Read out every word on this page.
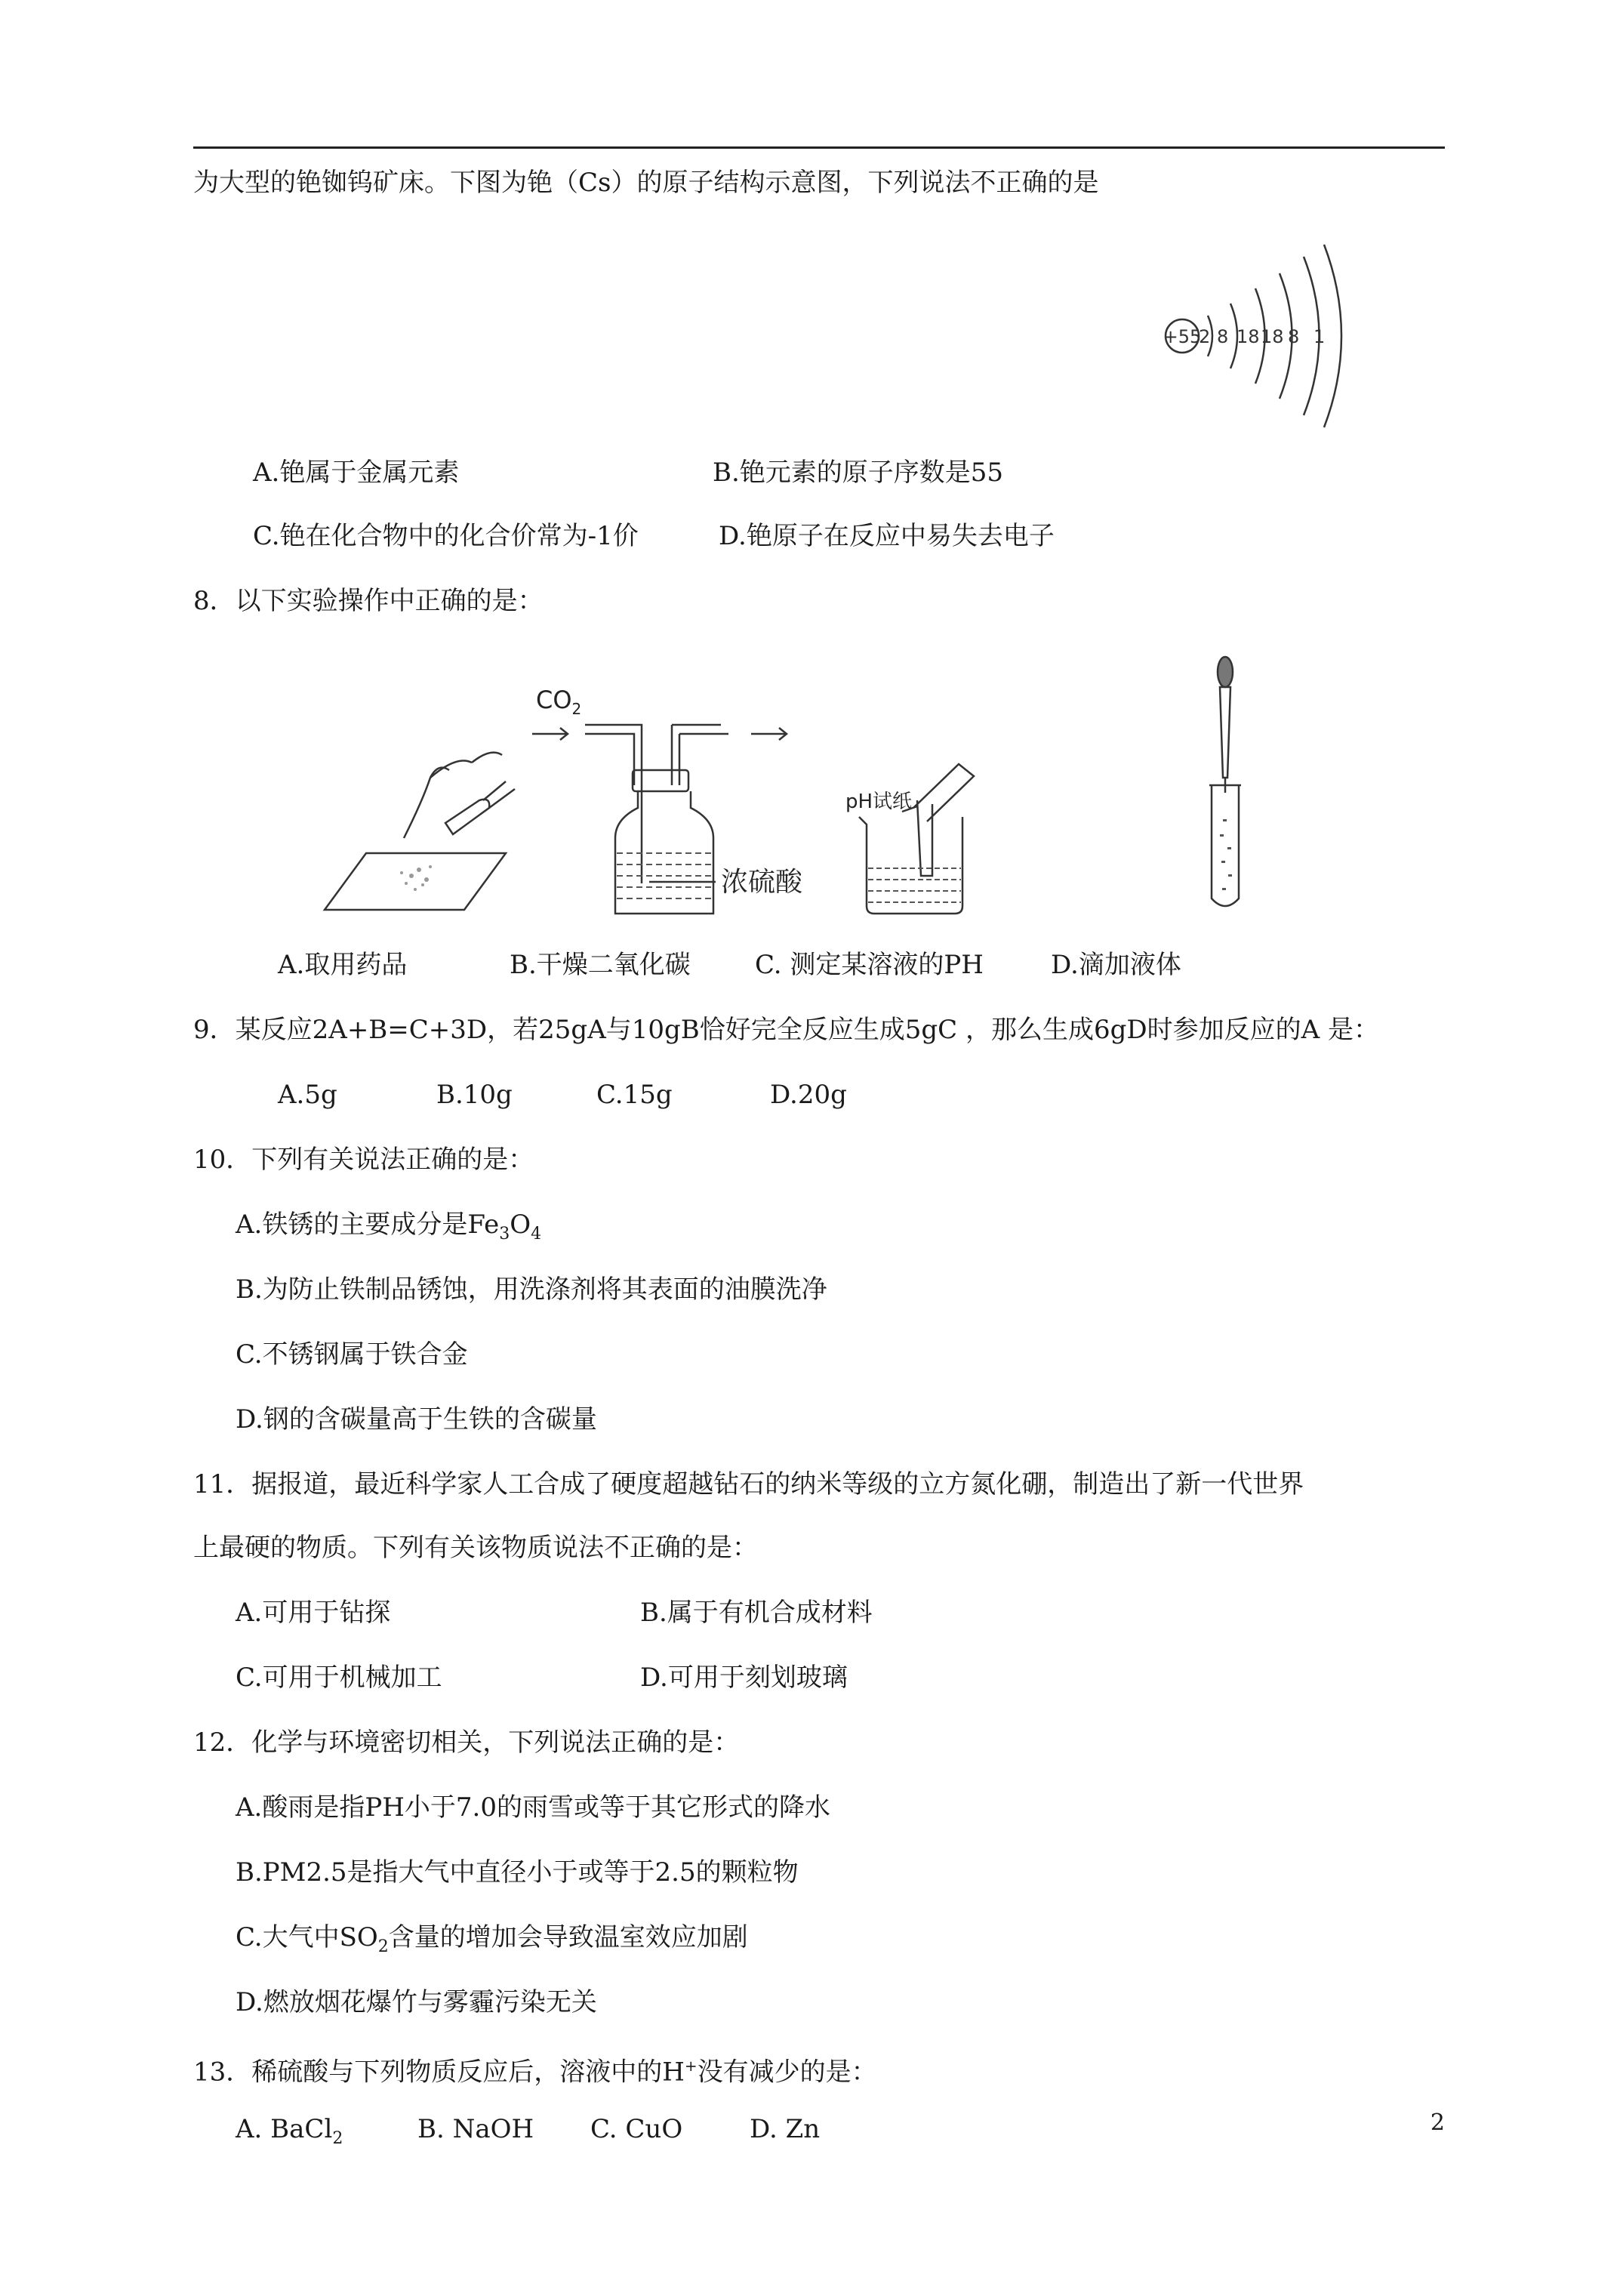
为大型的铯铷钨矿床。下图为铯（Cs）的原子结构示意图，下列说法不正确的是
+55
2 8 18 18 8 1
A.铯属于金属元素	B.铯元素的原子序数是55
C.铯在化合物中的化合价常为-1价	D.铯原子在反应中易失去电子
8．以下实验操作中正确的是：
$CO_2$
浓硫酸
pH试纸
A.取用药品	B.干燥二氧化碳	C. 测定某溶液的PH	D.滴加液体
9．某反应2A+B=C+3D，若25gA与10gB恰好完全反应生成5gC ，那么生成6gD时参加反应的A 是：
A.5g	B.10g	C.15g	D.20g
10．下列有关说法正确的是：
A.铁锈的主要成分是$Fe_3O_4$
B.为防止铁制品锈蚀，用洗涤剂将其表面的油膜洗净
C.不锈钢属于铁合金
D.钢的含碳量高于生铁的含碳量
11．据报道，最近科学家人工合成了硬度超越钻石的纳米等级的立方氮化硼，制造出了新一代世界
上最硬的物质。下列有关该物质说法不正确的是：
A.可用于钻探	B.属于有机合成材料
C.可用于机械加工	D.可用于刻划玻璃
12．化学与环境密切相关，下列说法正确的是：
A.酸雨是指PH小于7.0的雨雪或等于其它形式的降水
B.PM2.5是指大气中直径小于或等于2.5的颗粒物
C.大气中$SO_2$含量的增加会导致温室效应加剧
D.燃放烟花爆竹与雾霾污染无关
13．稀硫酸与下列物质反应后，溶液中的H+没有减少的是：
A. BaCl$_2$	B. NaOH C. CuO	D. Zn	2
